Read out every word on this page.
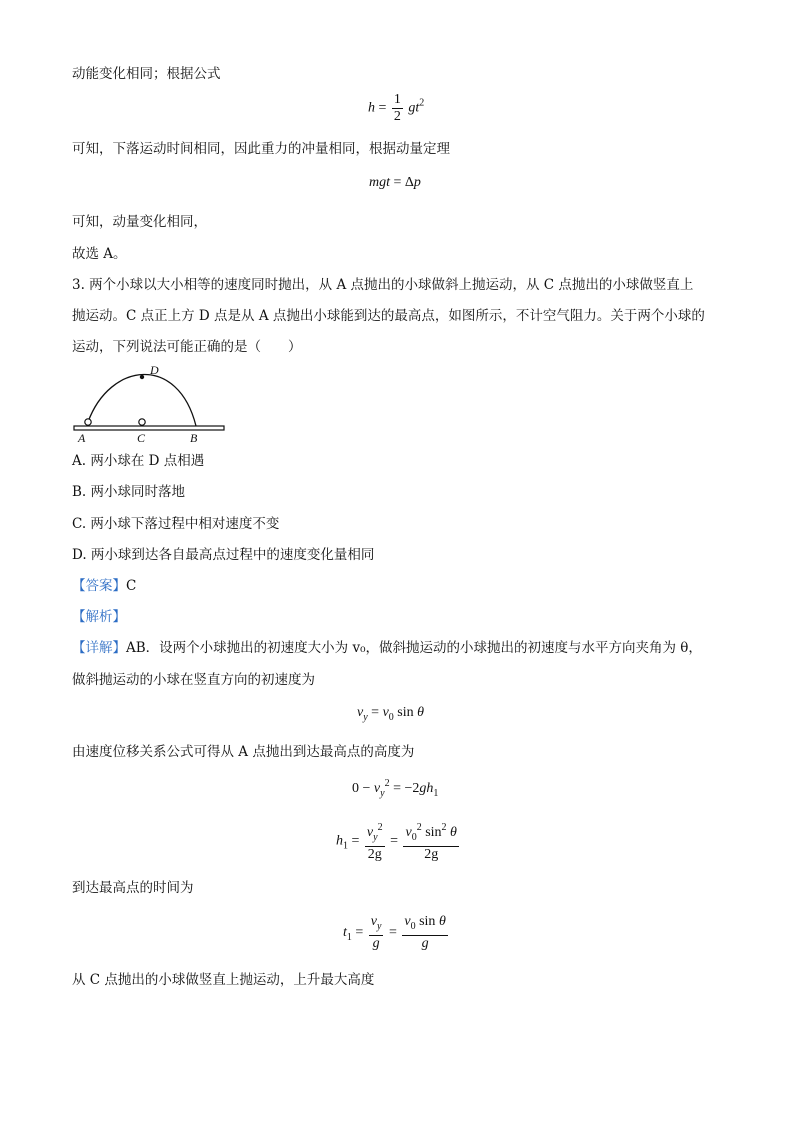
动能变化相同；根据公式
$h = \frac{1}{2} gt^2$
可知，下落运动时间相同，因此重力的冲量相同，根据动量定理
mgt = Δp
可知，动量变化相同，
故选 A。
3. 两个小球以大小相等的速度同时抛出，从 A 点抛出的小球做斜上抛运动，从 C 点抛出的小球做竖直上
抛运动。C 点正上方 D 点是从 A 点抛出小球能到达的最高点，如图所示，不计空气阻力。关于两个小球的
运动，下列说法可能正确的是（　　）
D
A	C	B
A. 两小球在 D 点相遇
B. 两小球同时落地
C. 两小球下落过程中相对速度不变
D. 两小球到达各自最高点过程中的速度变化量相同
【答案】C
【解析】
【详解】AB．设两个小球抛出的初速度大小为 v₀，做斜抛运动的小球抛出的初速度与水平方向夹角为 θ，
做斜抛运动的小球在竖直方向的初速度为
$v_y = v_0$ sin θ
由速度位移关系公式可得从 A 点抛出到达最高点的高度为
$0 - v_y^2 = -2gh_1$
$h_1 = \frac{v_y^2}{2g} = \frac{v_0^2 \sin^2 \theta}{2g}$
到达最高点的时间为
$t_1 = \frac{v_y}{g} = \frac{v_0 \sin \theta}{g}$
从 C 点抛出的小球做竖直上抛运动，上升最大高度
